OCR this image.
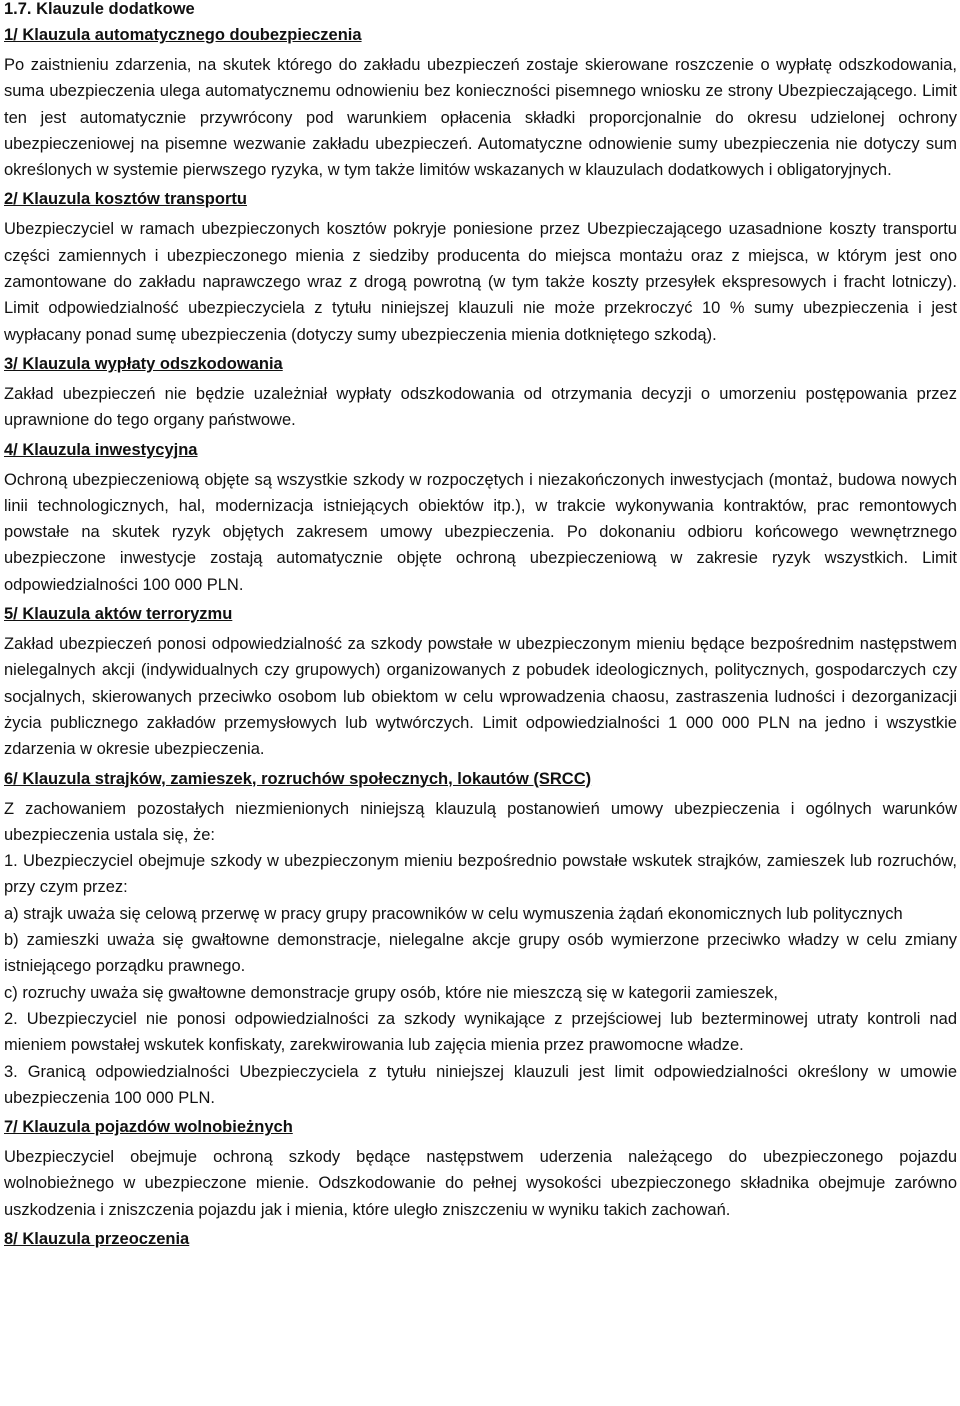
1.7. Klauzule dodatkowe
1/ Klauzula automatycznego doubezpieczenia

Po zaistnieniu zdarzenia, na skutek którego do zakładu ubezpieczeń zostaje skierowane roszczenie o wypłatę odszkodowania, suma ubezpieczenia ulega automatycznemu odnowieniu bez konieczności pisemnego wniosku ze strony Ubezpieczającego. Limit ten jest automatycznie przywrócony pod warunkiem opłacenia składki proporcjonalnie do okresu udzielonej ochrony ubezpieczeniowej na pisemne wezwanie zakładu ubezpieczeń. Automatyczne odnowienie sumy ubezpieczenia nie dotyczy sum określonych w systemie pierwszego ryzyka, w tym także limitów wskazanych w klauzulach dodatkowych i obligatoryjnych.

2/ Klauzula kosztów transportu

Ubezpieczyciel w ramach ubezpieczonych kosztów pokryje poniesione przez Ubezpieczającego uzasadnione koszty transportu części zamiennych i ubezpieczonego mienia z siedziby producenta do miejsca montażu oraz z miejsca, w którym jest ono zamontowane do zakładu naprawczego wraz z drogą powrotną (w tym także koszty przesyłek ekspresowych i fracht lotniczy). Limit odpowiedzialność ubezpieczyciela z tytułu niniejszej klauzuli nie może przekroczyć 10 % sumy ubezpieczenia i jest wypłacany ponad sumę ubezpieczenia (dotyczy sumy ubezpieczenia mienia dotkniętego szkodą).

3/ Klauzula wypłaty odszkodowania

Zakład ubezpieczeń nie będzie uzależniał wypłaty odszkodowania od otrzymania decyzji o umorzeniu postępowania przez uprawnione do tego organy państwowe.

4/ Klauzula inwestycyjna

Ochroną ubezpieczeniową objęte są wszystkie szkody w rozpoczętych i niezakończonych inwestycjach (montaż, budowa nowych linii technologicznych, hal, modernizacja istniejących obiektów itp.), w trakcie wykonywania kontraktów, prac remontowych powstałe na skutek ryzyk objętych zakresem umowy ubezpieczenia. Po dokonaniu odbioru końcowego wewnętrznego ubezpieczone inwestycje zostają automatycznie objęte ochroną ubezpieczeniową w zakresie ryzyk wszystkich. Limit odpowiedzialności 100 000 PLN.

5/ Klauzula aktów terroryzmu

Zakład ubezpieczeń ponosi odpowiedzialność za szkody powstałe w ubezpieczonym mieniu będące bezpośrednim następstwem nielegalnych akcji (indywidualnych czy grupowych) organizowanych z pobudek ideologicznych, politycznych, gospodarczych czy socjalnych, skierowanych przeciwko osobom lub obiektom w celu wprowadzenia chaosu, zastraszenia ludności i dezorganizacji życia publicznego zakładów przemysłowych lub wytwórczych. Limit odpowiedzialności 1 000 000 PLN na jedno i wszystkie zdarzenia w okresie ubezpieczenia.

6/ Klauzula strajków, zamieszek, rozruchów społecznych, lokautów (SRCC)

Z zachowaniem pozostałych niezmienionych niniejszą klauzulą postanowień umowy ubezpieczenia i ogólnych warunków ubezpieczenia ustala się, że:

1. Ubezpieczyciel obejmuje szkody w ubezpieczonym mieniu bezpośrednio powstałe wskutek strajków, zamieszek lub rozruchów, przy czym przez:

a) strajk uważa się celową przerwę w pracy grupy pracowników w celu wymuszenia żądań ekonomicznych lub politycznych

b) zamieszki uważa się gwałtowne demonstracje, nielegalne akcje grupy osób wymierzone przeciwko władzy w celu zmiany istniejącego porządku prawnego.

c) rozruchy uważa się gwałtowne demonstracje grupy osób, które nie mieszczą się w kategorii zamieszek,

2. Ubezpieczyciel nie ponosi odpowiedzialności za szkody wynikające z przejściowej lub bezterminowej utraty kontroli nad mieniem powstałej wskutek konfiskaty, zarekwirowania lub zajęcia mienia przez prawomocne władze.

3. Granicą odpowiedzialności Ubezpieczyciela z tytułu niniejszej klauzuli jest limit odpowiedzialności określony w umowie ubezpieczenia 100 000 PLN.

7/ Klauzula pojazdów wolnobieżnych

Ubezpieczyciel obejmuje ochroną szkody będące następstwem uderzenia należącego do ubezpieczonego pojazdu wolnobieżnego w ubezpieczone mienie. Odszkodowanie do pełnej wysokości ubezpieczonego składnika obejmuje zarówno uszkodzenia i zniszczenia pojazdu jak i mienia, które uległo zniszczeniu w wyniku takich zachowań.

8/ Klauzula przeoczenia
